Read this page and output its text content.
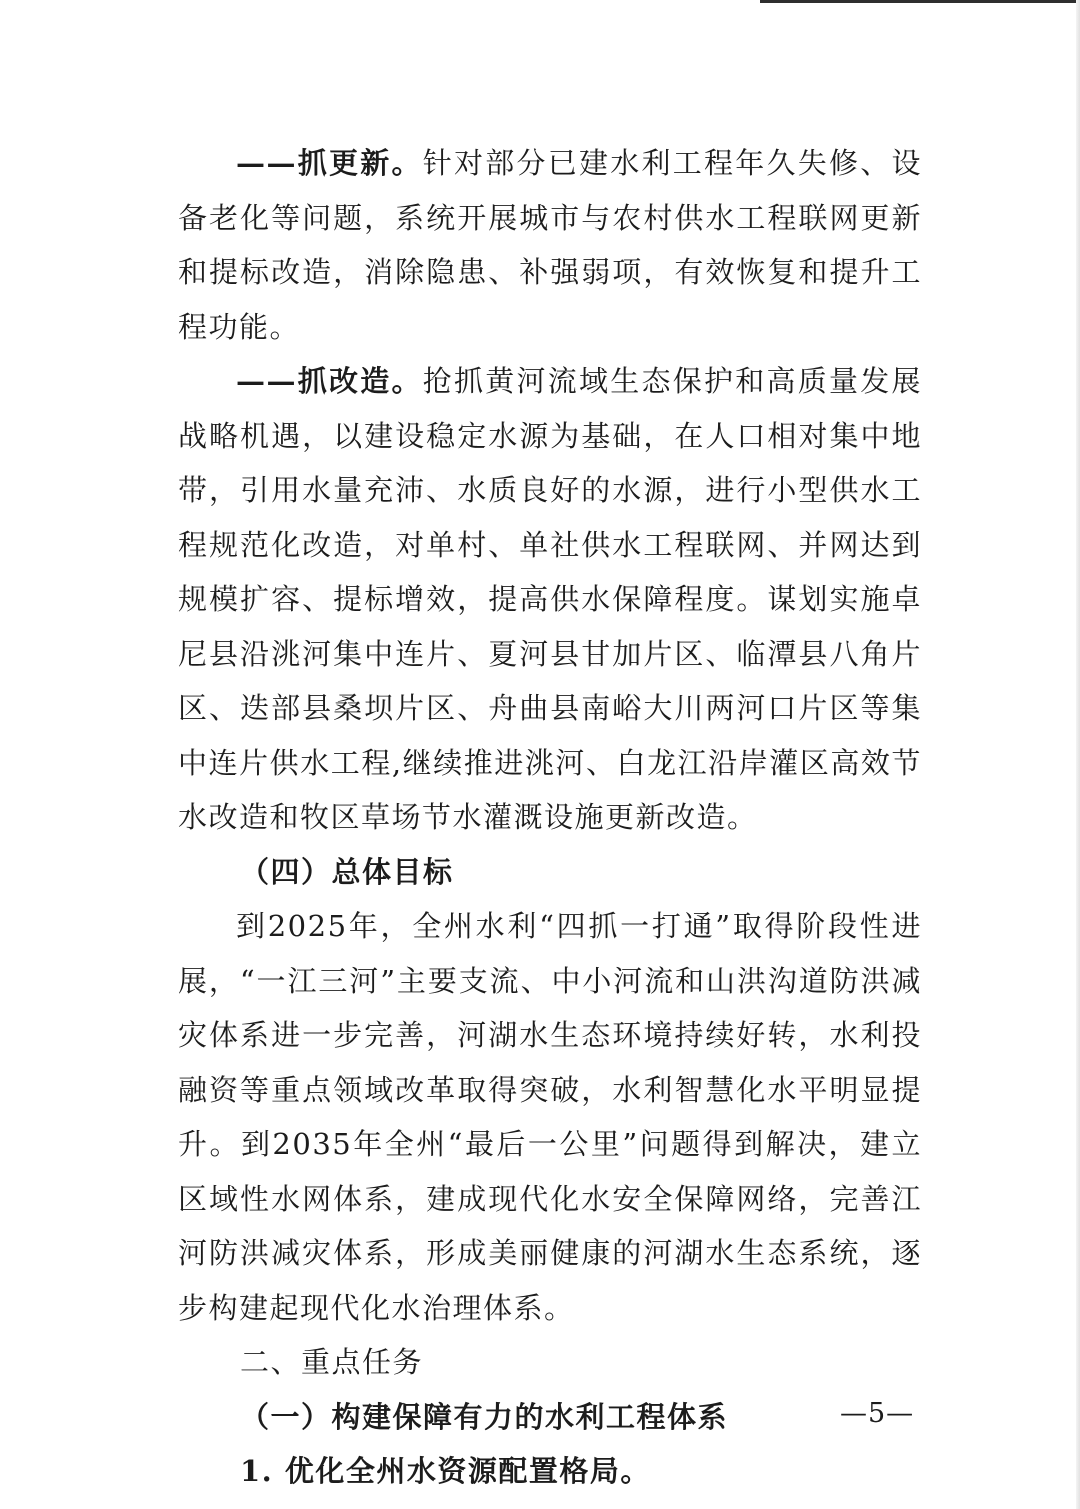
——抓更新。针对部分已建水利工程年久失修、设备老化等问题，系统开展城市与农村供水工程联网更新和提标改造，消除隐患、补强弱项，有效恢复和提升工程功能。

——抓改造。抢抓黄河流域生态保护和高质量发展战略机遇，以建设稳定水源为基础，在人口相对集中地带，引用水量充沛、水质良好的水源，进行小型供水工程规范化改造，对单村、单社供水工程联网、并网达到规模扩容、提标增效，提高供水保障程度。谋划实施卓尼县沿洮河集中连片、夏河县甘加片区、临潭县八角片区、迭部县桑坝片区、舟曲县南峪大川两河口片区等集中连片供水工程,继续推进洮河、白龙江沿岸灌区高效节水改造和牧区草场节水灌溉设施更新改造。

（四）总体目标

到2025年，全州水利“四抓一打通”取得阶段性进展，“一江三河”主要支流、中小河流和山洪沟道防洪减灾体系进一步完善，河湖水生态环境持续好转，水利投融资等重点领域改革取得突破，水利智慧化水平明显提升。到2035年全州“最后一公里”问题得到解决，建立区域性水网体系，建成现代化水安全保障网络，完善江河防洪减灾体系，形成美丽健康的河湖水生态系统，逐步构建起现代化水治理体系。

二、重点任务

（一）构建保障有力的水利工程体系

1. 优化全州水资源配置格局。

—5—
